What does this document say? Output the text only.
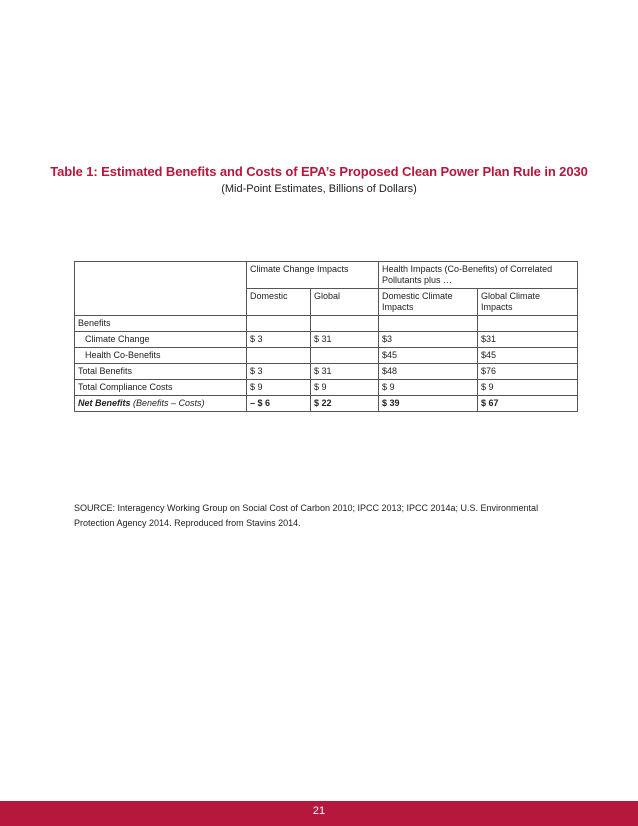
Table 1: Estimated Benefits and Costs of EPA’s Proposed Clean Power Plan Rule in 2030
(Mid-Point Estimates, Billions of Dollars)
	Climate Change Impacts		Health Impacts (Co-Benefits) of Correlated Pollutants plus …	
	Domestic	Global	Domestic Climate Impacts	Global Climate Impacts
Benefits				
Climate Change	$ 3	$ 31	$3	$31
Health Co-Benefits			$45	$45
Total Benefits	$ 3	$ 31	$48	$76
Total Compliance Costs	$ 9	$ 9	$ 9	$ 9
Net Benefits (Benefits – Costs)	– $ 6	$ 22	$ 39	$ 67
SOURCE: Interagency Working Group on Social Cost of Carbon 2010; IPCC 2013; IPCC 2014a; U.S. Environmental Protection Agency 2014. Reproduced from Stavins 2014.
21
